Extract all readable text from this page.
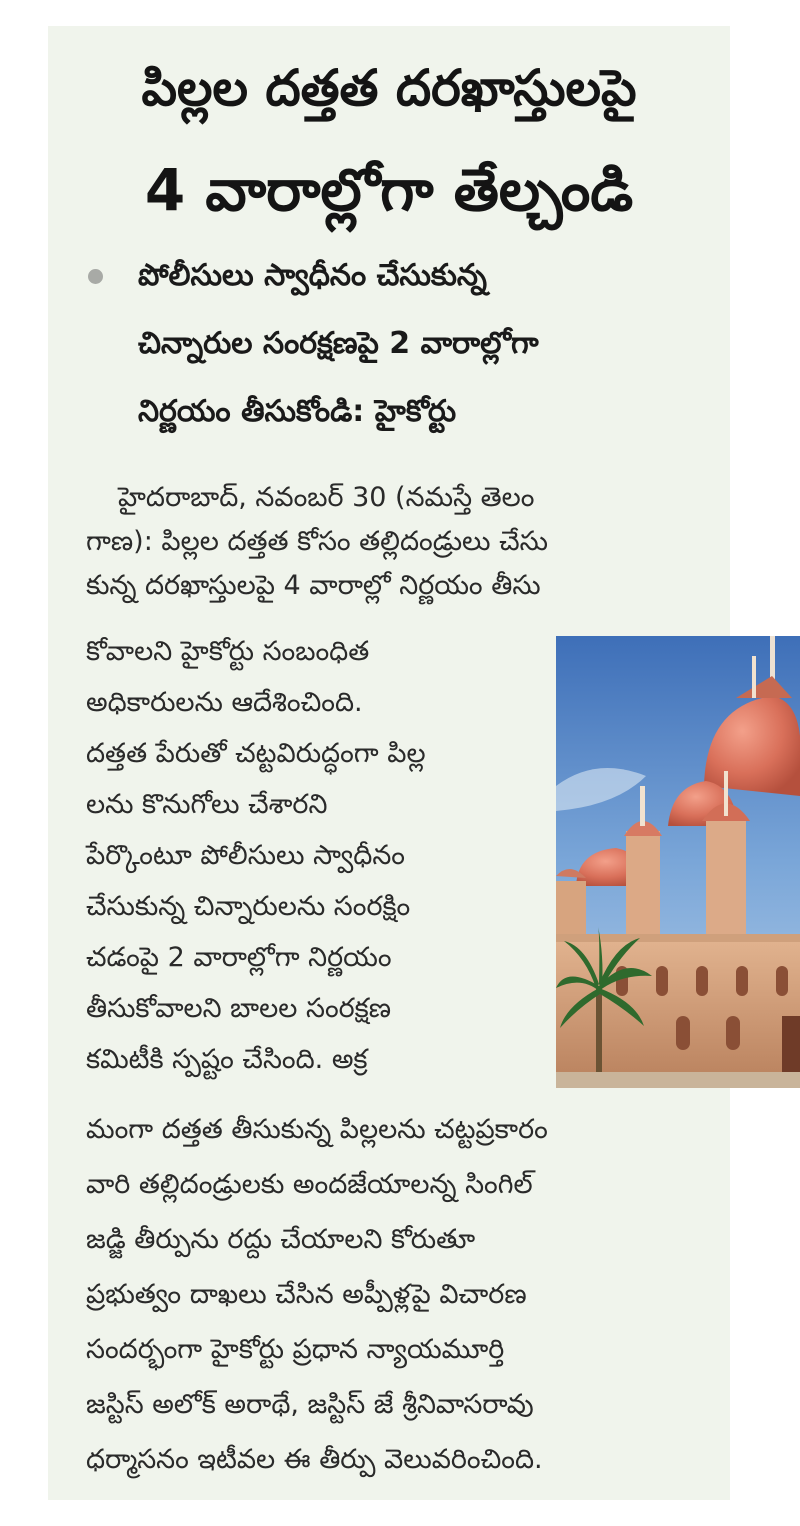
పిల్లల దత్తత దరఖాస్తులపై
4 వారాల్లోగా తేల్చండి
పోలీసులు స్వాధీనం చేసుకున్న
చిన్నారుల సంరక్షణపై 2 వారాల్లోగా
నిర్ణయం తీసుకోండి: హైకోర్టు
హైదరాబాద్, నవంబర్ 30 (నమస్తే తెలం
గాణ): పిల్లల దత్తత కోసం తల్లిదండ్రులు చేసు
కున్న దరఖాస్తులపై 4 వారాల్లో నిర్ణయం తీసు
కోవాలని హైకోర్టు సంబంధిత
అధికారులను ఆదేశించింది.
దత్తత పేరుతో చట్టవిరుద్ధంగా పిల్ల
లను కొనుగోలు చేశారని
పేర్కొంటూ పోలీసులు స్వాధీనం
చేసుకున్న చిన్నారులను సంరక్షిం
చడంపై 2 వారాల్లోగా నిర్ణయం
తీసుకోవాలని బాలల సంరక్షణ
కమిటీకి స్పష్టం చేసింది. అక్ర
మంగా దత్తత తీసుకున్న పిల్లలను చట్టప్రకారం
వారి తల్లిదండ్రులకు అందజేయాలన్న సింగిల్
జడ్జి తీర్పును రద్దు చేయాలని కోరుతూ
ప్రభుత్వం దాఖలు చేసిన అప్పీళ్లపై విచారణ
సందర్భంగా హైకోర్టు ప్రధాన న్యాయమూర్తి
జస్టిస్ అలోక్ అరాథే, జస్టిస్ జే శ్రీనివాసరావు
ధర్మాసనం ఇటీవల ఈ తీర్పు వెలువరించింది.
